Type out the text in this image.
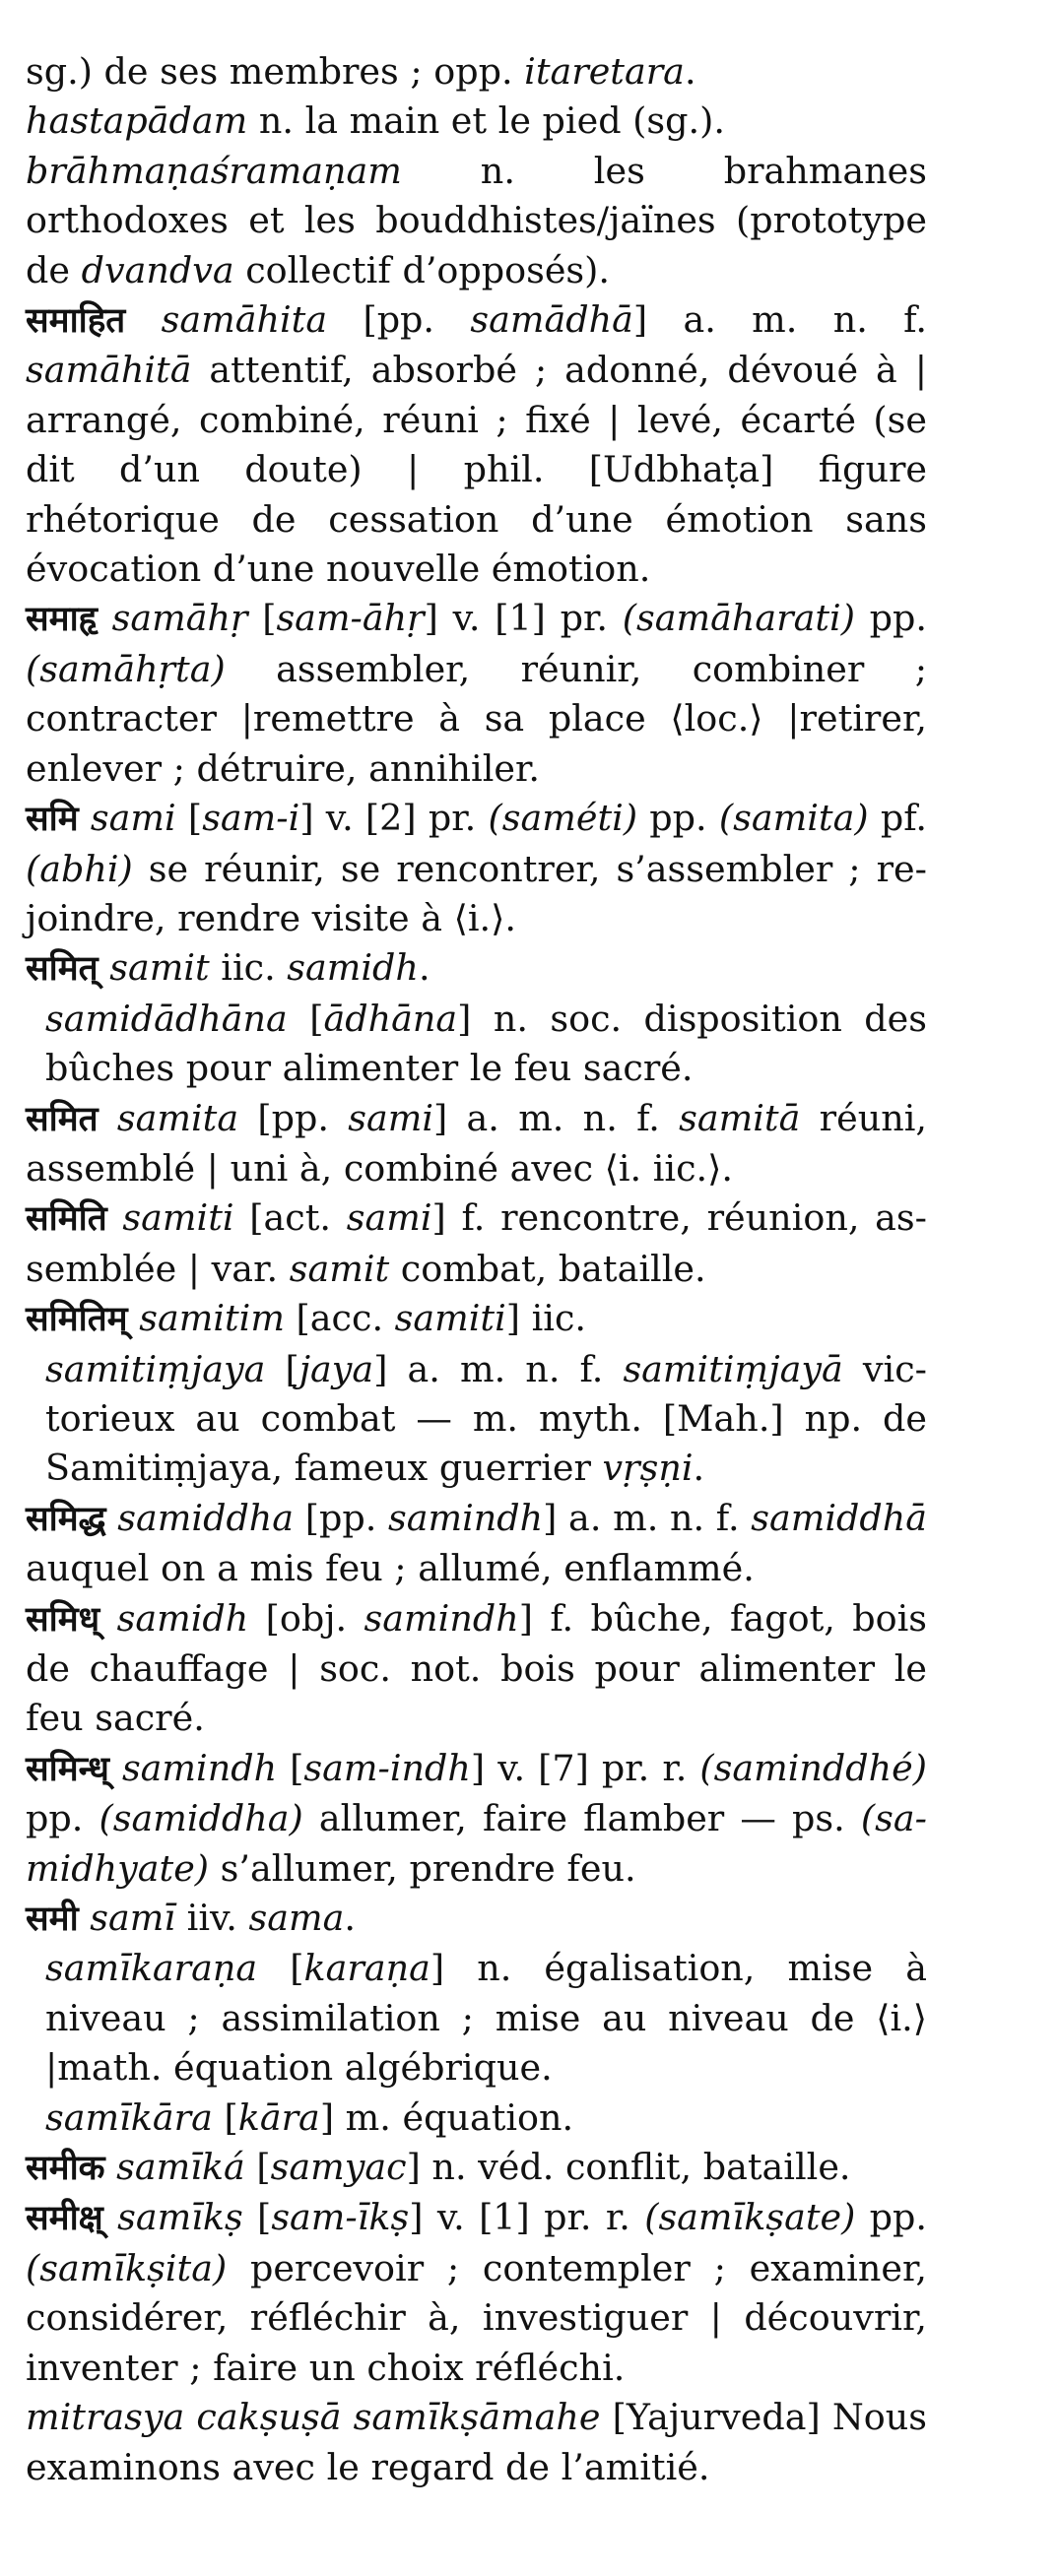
sg.) de ses membres ; opp. itaretara.
hastapādam n. la main et le pied (sg.).
brāhmaṇaśramaṇam n. les brahmanes orthodoxes et les bouddhistes/jaïnes (prototype de dvandva collectif d’opposés).
समाहित samāhita [pp. samādhā] a. m. n. f. samāhitā attentif, absorbé ; adonné, dévoué à | arrangé, combiné, réuni ; fixé | levé, écarté (se dit d’un doute) | phil. [Udbhaṭa] figure rhétorique de cessation d’une émotion sans évocation d’une nouvelle émotion.
समाहृ samāhṛ [sam-āhṛ] v. [1] pr. (samāharati) pp. (samāhṛta) assembler, réunir, combiner ; contracter |remettre à sa place ⟨loc.⟩ |retirer, enlever ; détruire, annihiler.
समि sami [sam-i] v. [2] pr. (saméti) pp. (samita) pf. (abhi) se réunir, se rencontrer, s’assembler ; rejoindre, rendre visite à ⟨i.⟩.
समित् samit iic. samidh.
samidādhāna [ādhāna] n. soc. disposition des bûches pour alimenter le feu sacré.
समित samita [pp. sami] a. m. n. f. samitā réuni, assemblé | uni à, combiné avec ⟨i. iic.⟩.
समिति samiti [act. sami] f. rencontre, réunion, assemblée | var. samit combat, bataille.
समितिम् samitim [acc. samiti] iic.
samitiṃjaya [jaya] a. m. n. f. samitiṃjayā victorieux au combat — m. myth. [Mah.] np. de Samitiṃjaya, fameux guerrier vṛṣṇi.
समिद्ध samiddha [pp. samindh] a. m. n. f. samiddhā auquel on a mis feu ; allumé, enflammé.
समिध् samidh [obj. samindh] f. bûche, fagot, bois de chauffage | soc. not. bois pour alimenter le feu sacré.
समिन्ध् samindh [sam-indh] v. [7] pr. r. (saminddhé) pp. (samiddha) allumer, faire flamber — ps. (samidhyate) s’allumer, prendre feu.
समी samī iiv. sama.
samīkaraṇa [karaṇa] n. égalisation, mise à niveau ; assimilation ; mise au niveau de ⟨i.⟩ |math. équation algébrique.
samīkāra [kāra] m. équation.
समीक samīká [samyac] n. véd. conflit, bataille.
समीक्ष् samīkṣ [sam-īkṣ] v. [1] pr. r. (samīkṣate) pp. (samīkṣita) percevoir ; contempler ; examiner, considérer, réfléchir à, investiguer | découvrir, inventer ; faire un choix réfléchi.
mitrasya cakṣuṣā samīkṣāmahe [Yajurveda] Nous examinons avec le regard de l’amitié.
